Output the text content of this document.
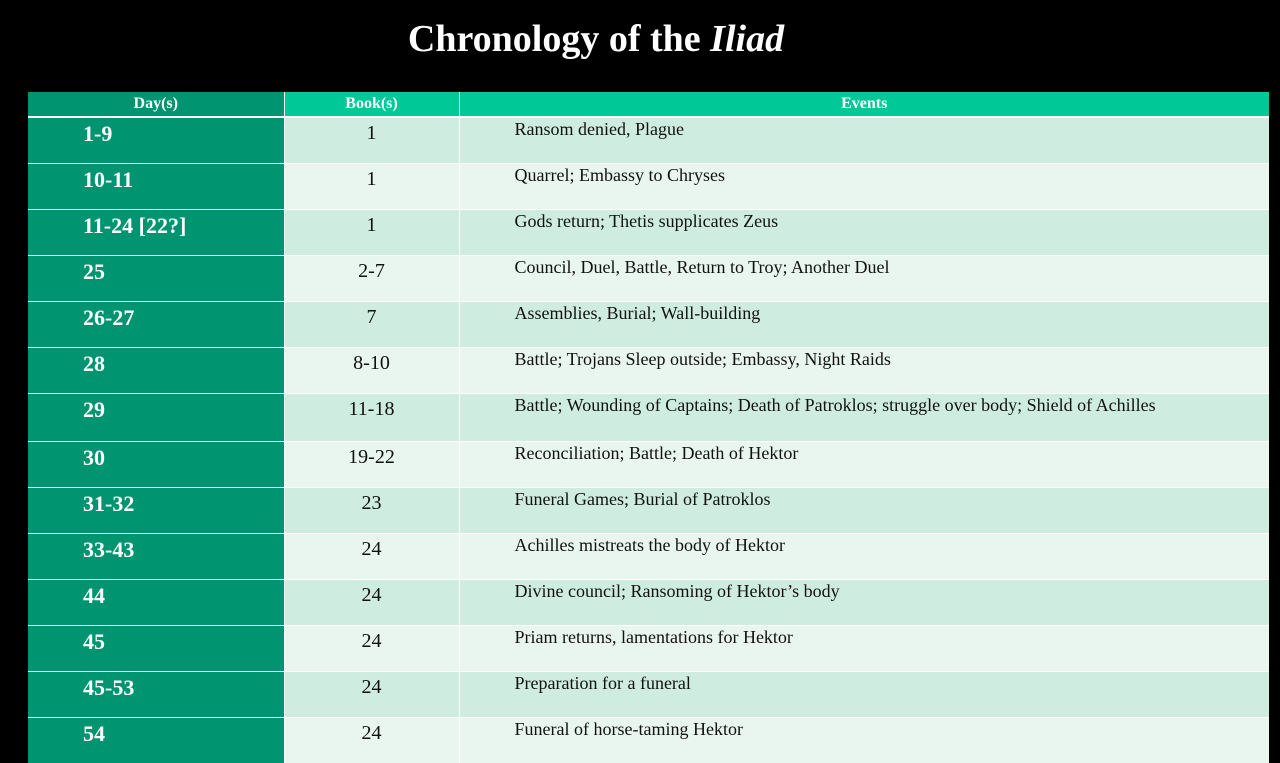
Chronology of the Iliad
Day(s)	Book(s)	Events
1-9	1	Ransom denied, Plague
10-11	1	Quarrel; Embassy to Chryses
11-24 [22?]	1	Gods return; Thetis supplicates Zeus
25	2-7	Council, Duel, Battle, Return to Troy; Another Duel
26-27	7	Assemblies, Burial; Wall-building
28	8-10	Battle; Trojans Sleep outside; Embassy, Night Raids
29	11-18	Battle; Wounding of Captains; Death of Patroklos; struggle over body; Shield of Achilles
30	19-22	Reconciliation; Battle; Death of Hektor
31-32	23	Funeral Games; Burial of Patroklos
33-43	24	Achilles mistreats the body of Hektor
44	24	Divine council; Ransoming of Hektor’s body
45	24	Priam returns, lamentations for Hektor
45-53	24	Preparation for a funeral
54	24	Funeral of horse-taming Hektor
